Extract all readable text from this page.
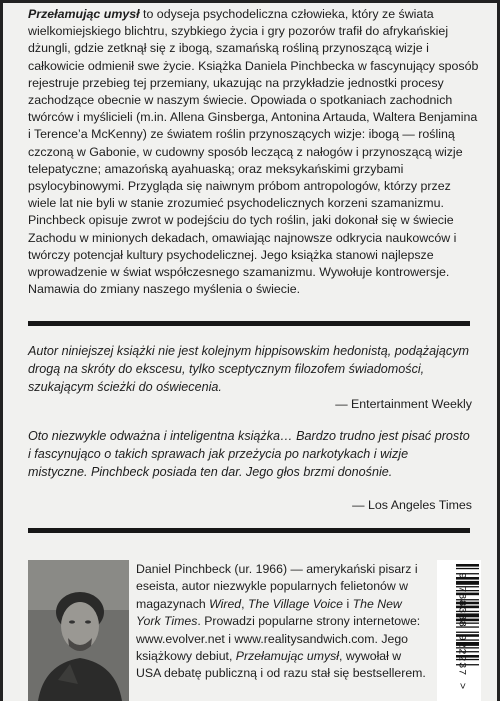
Przełamując umysł to odyseja psychodeliczna człowieka, który ze świata wielkomiejskiego blichtru, szybkiego życia i gry pozorów trafił do afrykańskiej dżungli, gdzie zetknął się z ibogą, szamańską rośliną przynoszącą wizje i całkowicie odmienił swe życie. Książka Daniela Pinchbecka w fascynujący sposób rejestruje przebieg tej przemiany, ukazując na przykładzie jednostki procesy zachodzące obecnie w naszym świecie. Opowiada o spotkaniach zachodnich twórców i myślicieli (m.in. Allena Ginsberga, Antonina Artauda, Waltera Benjamina i Terence’a McKenny) ze światem roślin przynoszących wizje: ibogą — rośliną czczoną w Gabonie, w cudowny sposób leczącą z nałogów i przynoszącą wizje telepatyczne; amazońską ayahuaską; oraz meksykańskimi grzybami psylocybinowymi. Przygląda się naiwnym próbom antropologów, którzy przez wiele lat nie byli w stanie zrozumieć psychodelicznych korzeni szamanizmu. Pinchbeck opisuje zwrot w podejściu do tych roślin, jaki dokonał się w świecie Zachodu w minionych dekadach, omawiając najnowsze odkrycia naukowców i twórczy potencjał kultury psychodelicznej. Jego książka stanowi najlepsze wprowadzenie w świat współczesnego szamanizmu. Wywołuje kontrowersje. Namawia do zmiany naszego myślenia o świecie.

Autor niniejszej książki nie jest kolejnym hippisowskim hedonistą, podążającym drogą na skróty do ekscesu, tylko sceptycznym filozofem świadomości, szukającym ścieżki do oświecenia.

— Entertainment Weekly

Oto niezwykle odważna i inteligentna książka… Bardzo trudno jest pisać prosto i fascynująco o takich sprawach jak przeżycia po narkotykach i wizje mistyczne. Pinchbeck posiada ten dar. Jego głos brzmi donośnie.

— Los Angeles Times

Daniel Pinchbeck (ur. 1966) — amerykański pisarz i eseista, autor niezwykle popularnych felietonów w magazynach Wired, The Village Voice i The New York Times. Prowadzi popularne strony internetowe: www.evolver.net i www.realitysandwich.com. Jego książkowy debiut, Przełamując umysł, wywołał w USA debatę publiczną i od razu stał się bestsellerem.	9 788388 922237 >
